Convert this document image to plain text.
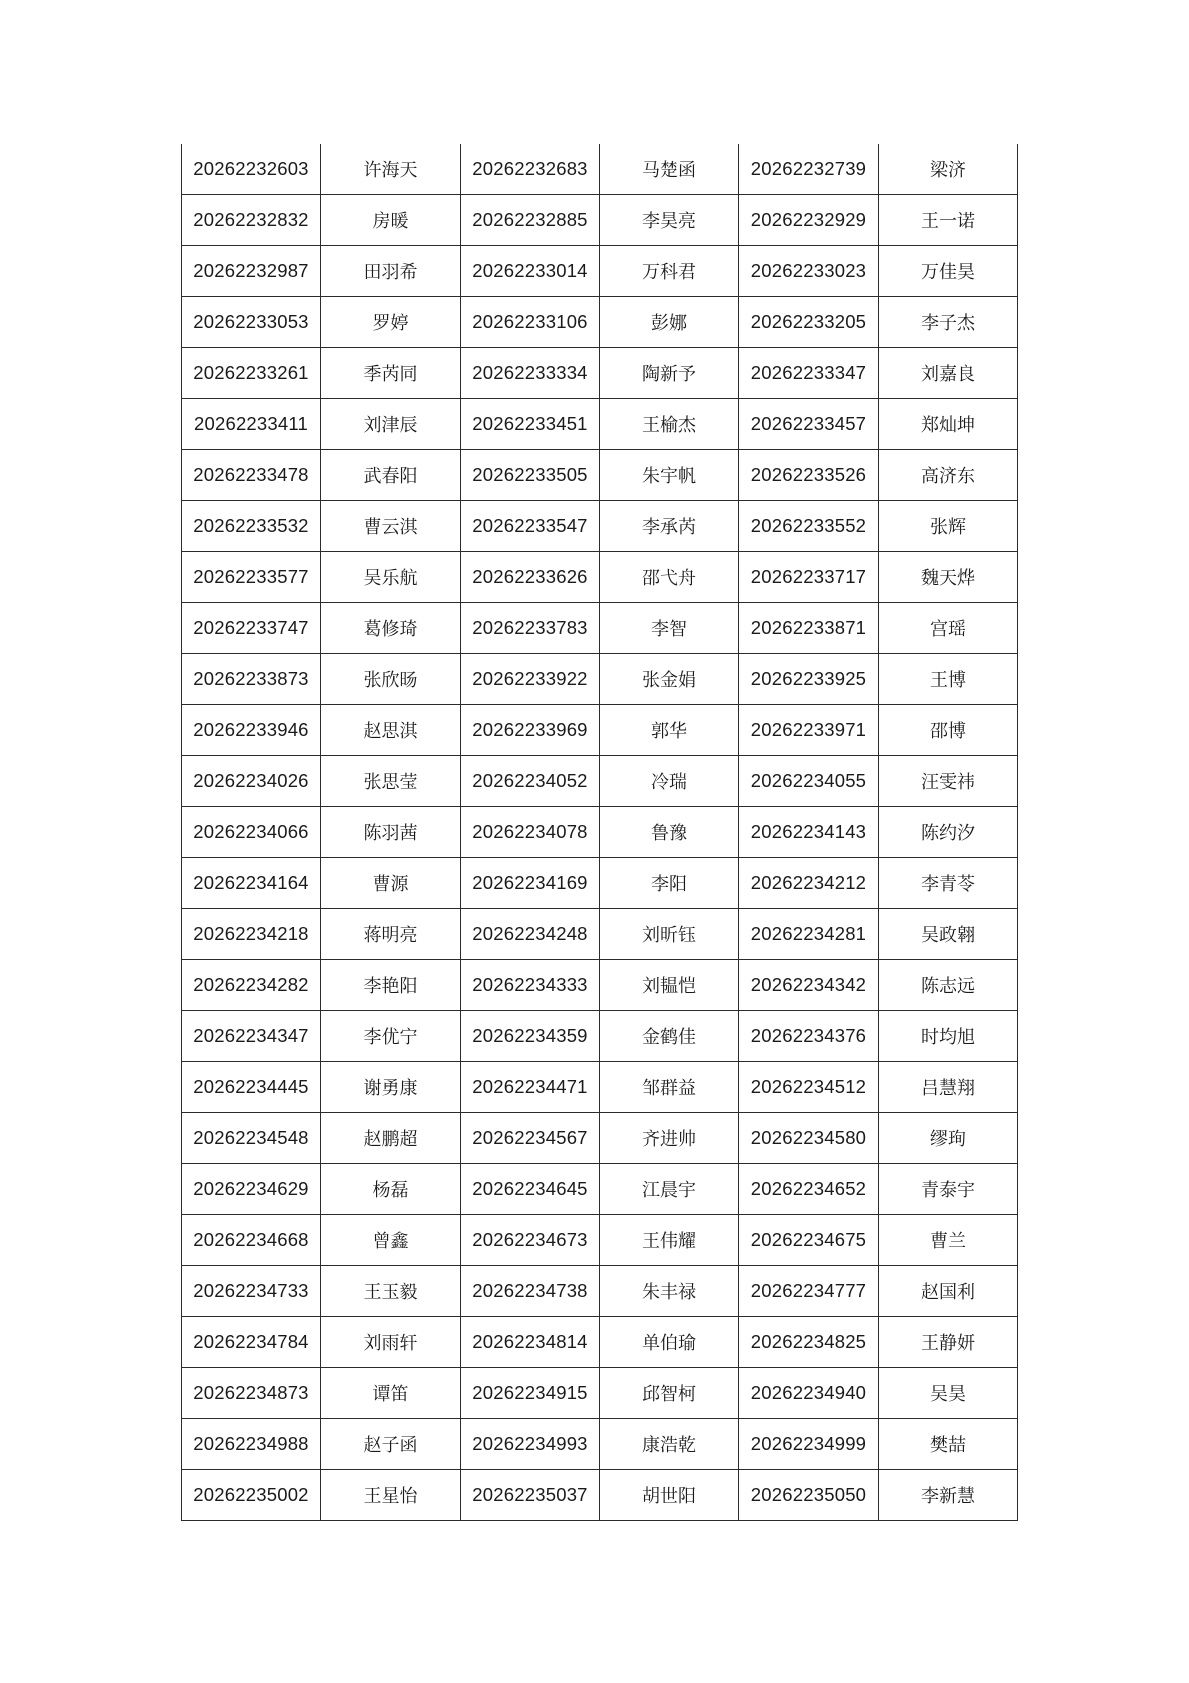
20262232603	许海天	20262232683	马楚函	20262232739	梁济
20262232832	房暖	20262232885	李昊亮	20262232929	王一诺
20262232987	田羽希	20262233014	万科君	20262233023	万佳昊
20262233053	罗婷	20262233106	彭娜	20262233205	李子杰
20262233261	季芮同	20262233334	陶新予	20262233347	刘嘉良
20262233411	刘津辰	20262233451	王榆杰	20262233457	郑灿坤
20262233478	武春阳	20262233505	朱宇帆	20262233526	高济东
20262233532	曹云淇	20262233547	李承芮	20262233552	张辉
20262233577	吴乐航	20262233626	邵弋舟	20262233717	魏天烨
20262233747	葛修琦	20262233783	李智	20262233871	宫瑶
20262233873	张欣旸	20262233922	张金娟	20262233925	王博
20262233946	赵思淇	20262233969	郭华	20262233971	邵博
20262234026	张思莹	20262234052	冷瑞	20262234055	汪雯祎
20262234066	陈羽茜	20262234078	鲁豫	20262234143	陈约汐
20262234164	曹源	20262234169	李阳	20262234212	李青苓
20262234218	蒋明亮	20262234248	刘昕钰	20262234281	吴政翱
20262234282	李艳阳	20262234333	刘韫恺	20262234342	陈志远
20262234347	李优宁	20262234359	金鹤佳	20262234376	时均旭
20262234445	谢勇康	20262234471	邹群益	20262234512	吕慧翔
20262234548	赵鹏超	20262234567	齐进帅	20262234580	缪珣
20262234629	杨磊	20262234645	江晨宇	20262234652	青泰宇
20262234668	曾鑫	20262234673	王伟耀	20262234675	曹兰
20262234733	王玉毅	20262234738	朱丰禄	20262234777	赵国利
20262234784	刘雨轩	20262234814	单伯瑜	20262234825	王静妍
20262234873	谭笛	20262234915	邱智柯	20262234940	吴昊
20262234988	赵子函	20262234993	康浩乾	20262234999	樊喆
20262235002	王星怡	20262235037	胡世阳	20262235050	李新慧
